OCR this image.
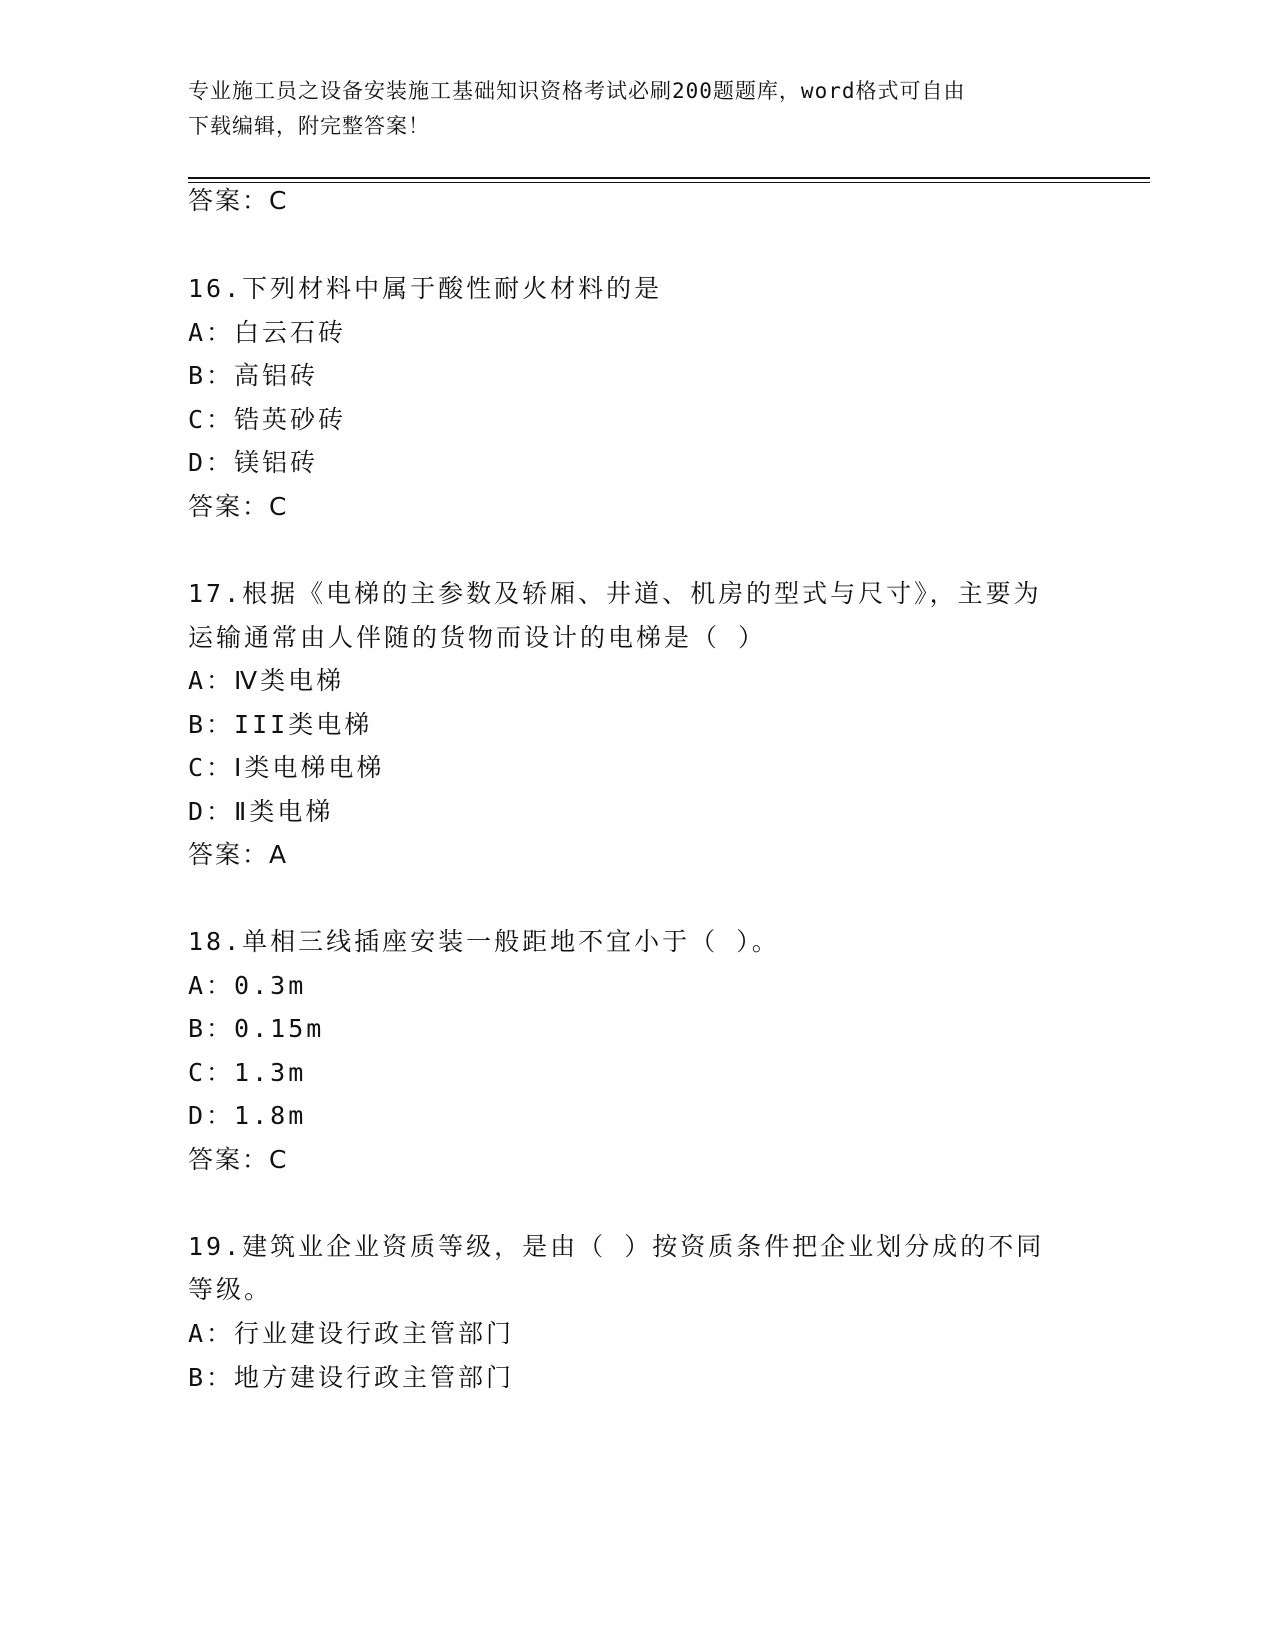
专业施工员之设备安装施工基础知识资格考试必刷200题题库，word格式可自由
下载编辑，附完整答案！
答案：C
16.下列材料中属于酸性耐火材料的是
A：白云石砖
B：高铝砖
C：锆英砂砖
D：镁铝砖
答案：C
17.根据《电梯的主参数及轿厢、井道、机房的型式与尺寸》，主要为
运输通常由人伴随的货物而设计的电梯是（ ）
A：Ⅳ类电梯
B：III类电梯
C：Ⅰ类电梯电梯
D：Ⅱ类电梯
答案：A
18.单相三线插座安装一般距地不宜小于（ ）。
A：0.3m
B：0.15m
C：1.3m
D：1.8m
答案：C
19.建筑业企业资质等级，是由（ ）按资质条件把企业划分成的不同
等级。
A：行业建设行政主管部门
B：地方建设行政主管部门
